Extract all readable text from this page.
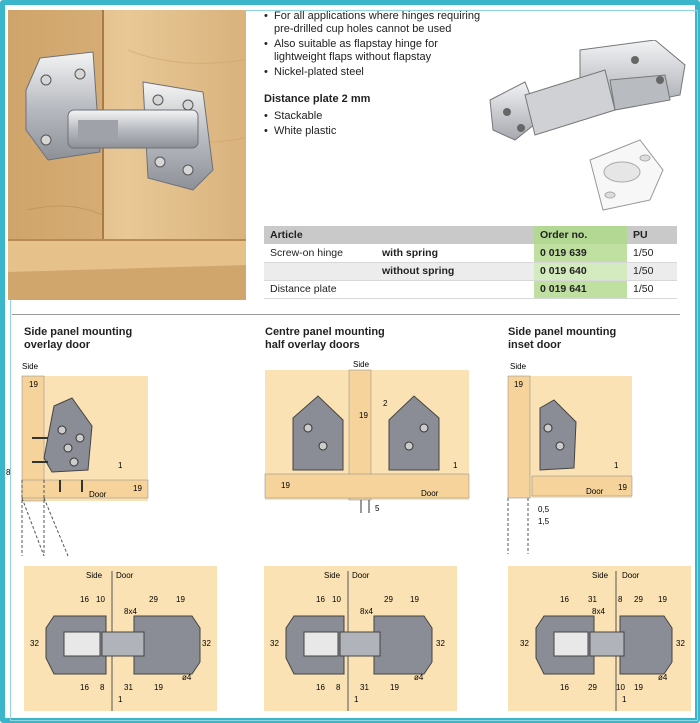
• For all applications where hinges requiring pre-drilled cup holes cannot be used
• Also suitable as flapstay hinge for lightweight flaps without flapstay
• Nickel-plated steel
Distance plate 2 mm
• Stackable
• White plastic
Article		Order no.	PU
Screw-on hinge	with spring	0 019 639	1/50
	without spring	0 019 640	1/50
Distance plate		0 019 641	1/50
Side panel mounting
overlay door
Centre panel mounting
half overlay doors
Side panel mounting
inset door
Side
19
Door
19
1
8
Side
19
2
19
Door
1
5
Side
19
Door 19
1
0,5
1,5
Side Door
16 10	29 19
8x4
32	32
16 8 31	19
1
ø4
Side Door
16 10	29 19
8x4
32	32
16 8 31	19
1
ø4
Side Door
16 31	8 29 19
8x4
32	32
16 29 10 19
1
ø4
